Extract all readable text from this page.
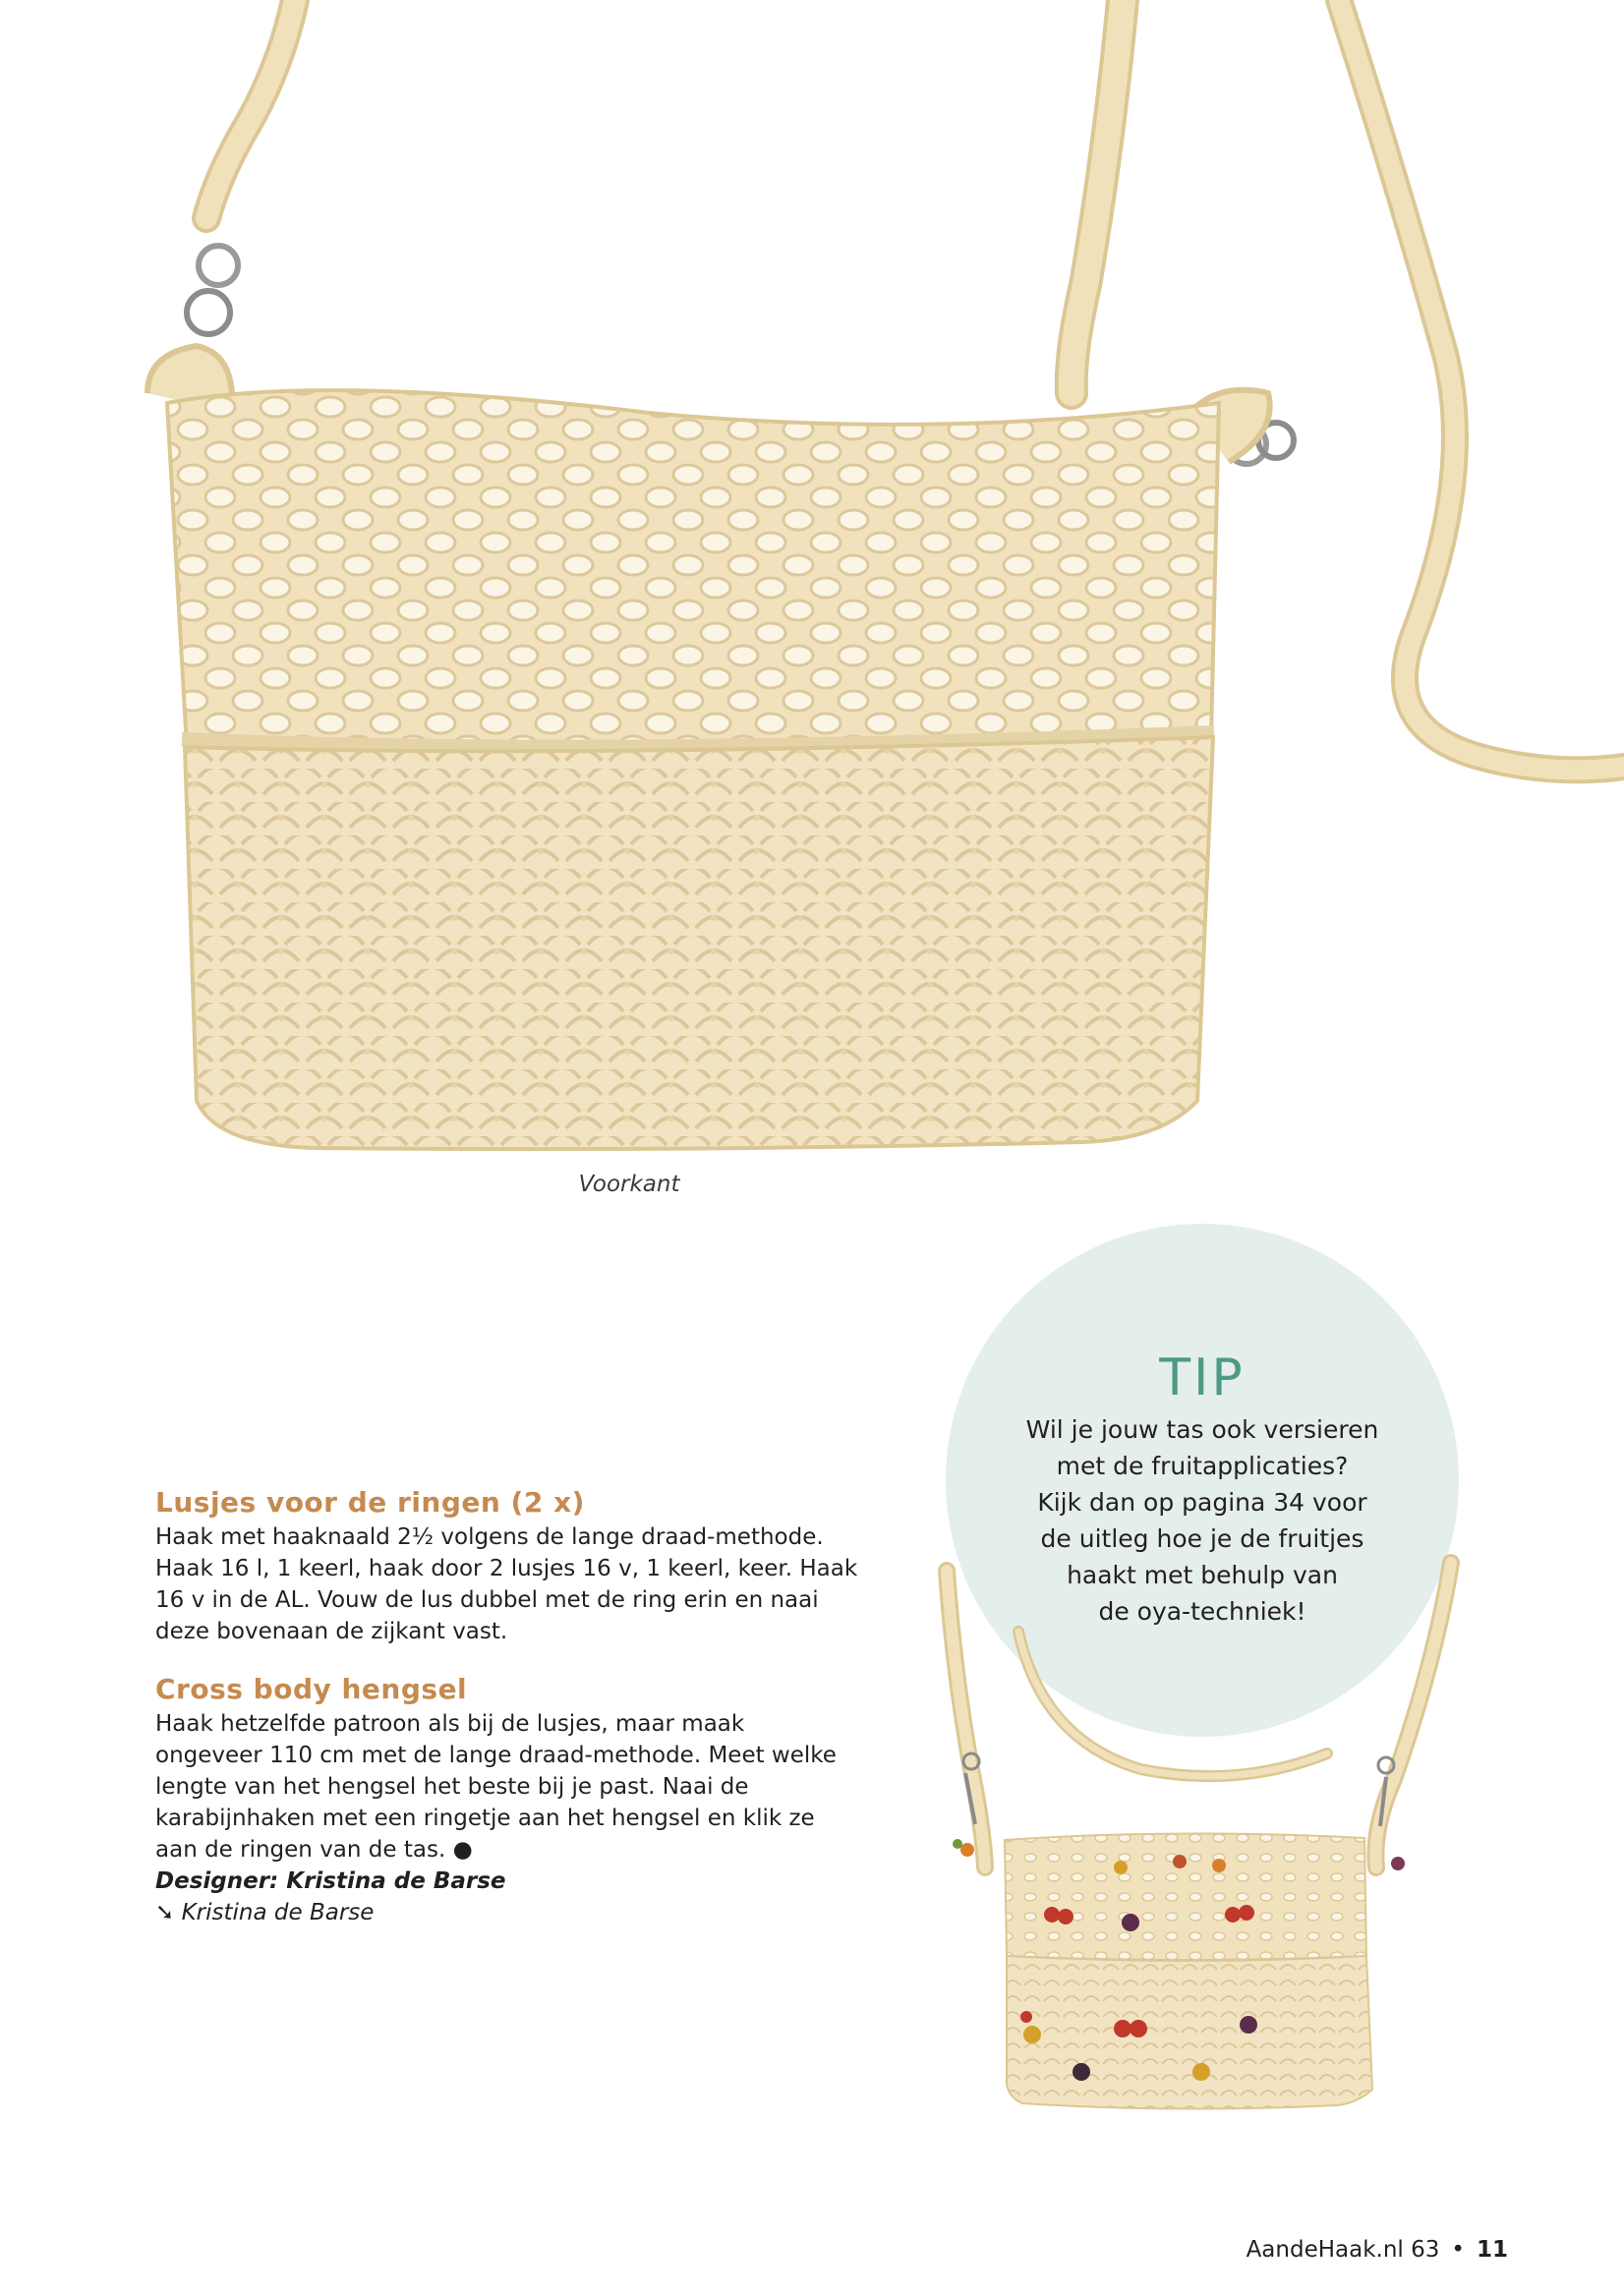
Voorkant
TIP
Wil je jouw tas ook versieren
met de fruitapplicaties?
Kijk dan op pagina 34 voor
de uitleg hoe je de fruitjes
haakt met behulp van
de oya-techniek!
Lusjes voor de ringen (2 x)
Haak met haaknaald 2½ volgens de lange draad-methode.
Haak 16 l, 1 keerl, haak door 2 lusjes 16 v, 1 keerl, keer. Haak
16 v in de AL. Vouw de lus dubbel met de ring erin en naai
deze bovenaan de zijkant vast.
Cross body hengsel
Haak hetzelfde patroon als bij de lusjes, maar maak
ongeveer 110 cm met de lange draad-methode. Meet welke
lengte van het hengsel het beste bij je past. Naai de
karabijnhaken met een ringetje aan het hengsel en klik ze
aan de ringen van de tas. ●
Designer: Kristina de Barse
➘ Kristina de Barse
AandeHaak.nl 63 • 11
